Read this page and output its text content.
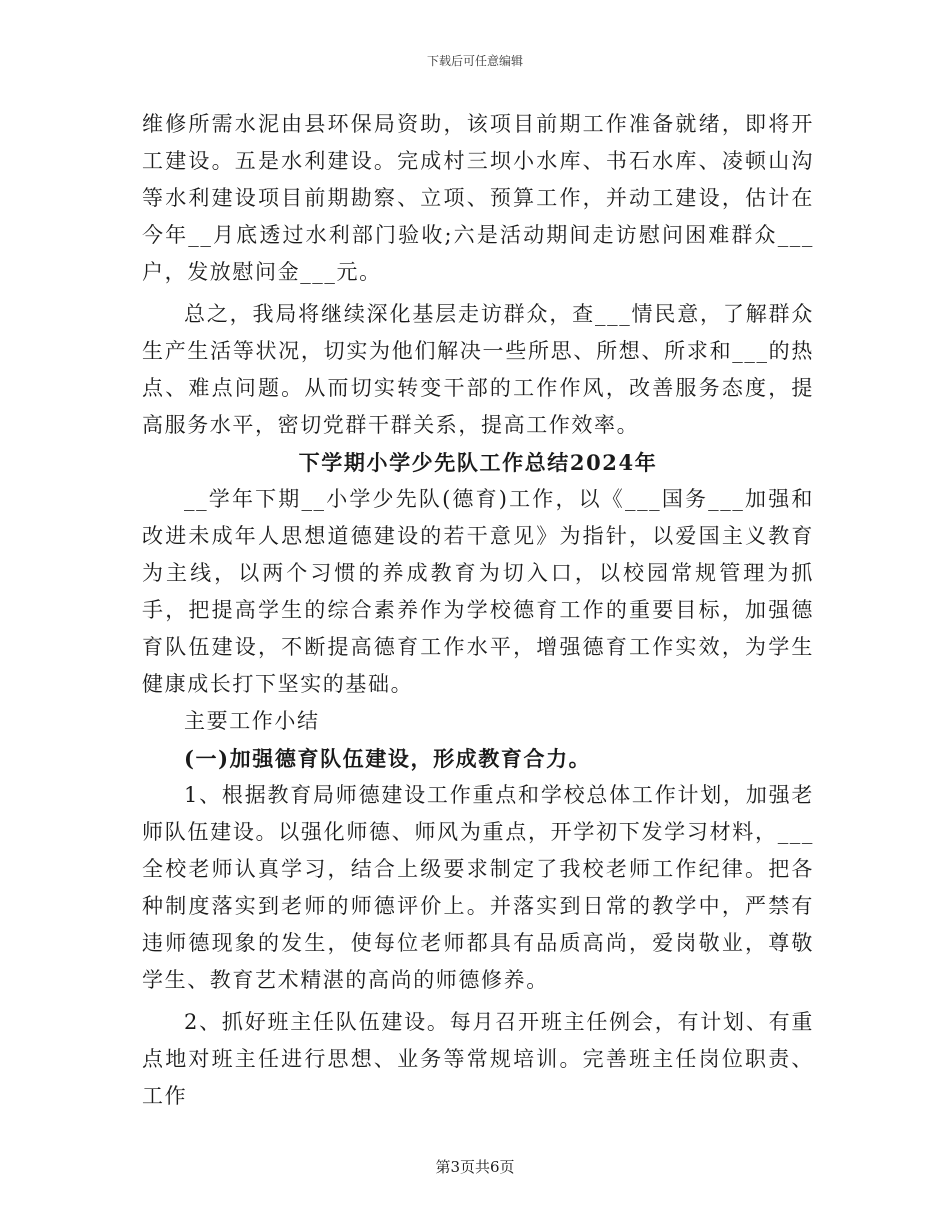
下载后可任意编辑

维修所需水泥由县环保局资助，该项目前期工作准备就绪，即将开工建设。五是水利建设。完成村三坝小水库、书石水库、凌顿山沟等水利建设项目前期勘察、立项、预算工作，并动工建设，估计在今年__月底透过水利部门验收;六是活动期间走访慰问困难群众___户，发放慰问金___元。

总之，我局将继续深化基层走访群众，查___情民意，了解群众生产生活等状况，切实为他们解决一些所思、所想、所求和___的热点、难点问题。从而切实转变干部的工作作风，改善服务态度，提高服务水平，密切党群干群关系，提高工作效率。

下学期小学少先队工作总结2024年

__学年下期__小学少先队(德育)工作，以《___国务___加强和改进未成年人思想道德建设的若干意见》为指针，以爱国主义教育为主线，以两个习惯的养成教育为切入口，以校园常规管理为抓手，把提高学生的综合素养作为学校德育工作的重要目标，加强德育队伍建设，不断提高德育工作水平，增强德育工作实效，为学生健康成长打下坚实的基础。

主要工作小结

(一)加强德育队伍建设，形成教育合力。

1、根据教育局师德建设工作重点和学校总体工作计划，加强老师队伍建设。以强化师德、师风为重点，开学初下发学习材料，___全校老师认真学习，结合上级要求制定了我校老师工作纪律。把各种制度落实到老师的师德评价上。并落实到日常的教学中，严禁有违师德现象的发生，使每位老师都具有品质高尚，爱岗敬业，尊敬学生、教育艺术精湛的高尚的师德修养。

2、抓好班主任队伍建设。每月召开班主任例会，有计划、有重点地对班主任进行思想、业务等常规培训。完善班主任岗位职责、工作

第3页共6页
